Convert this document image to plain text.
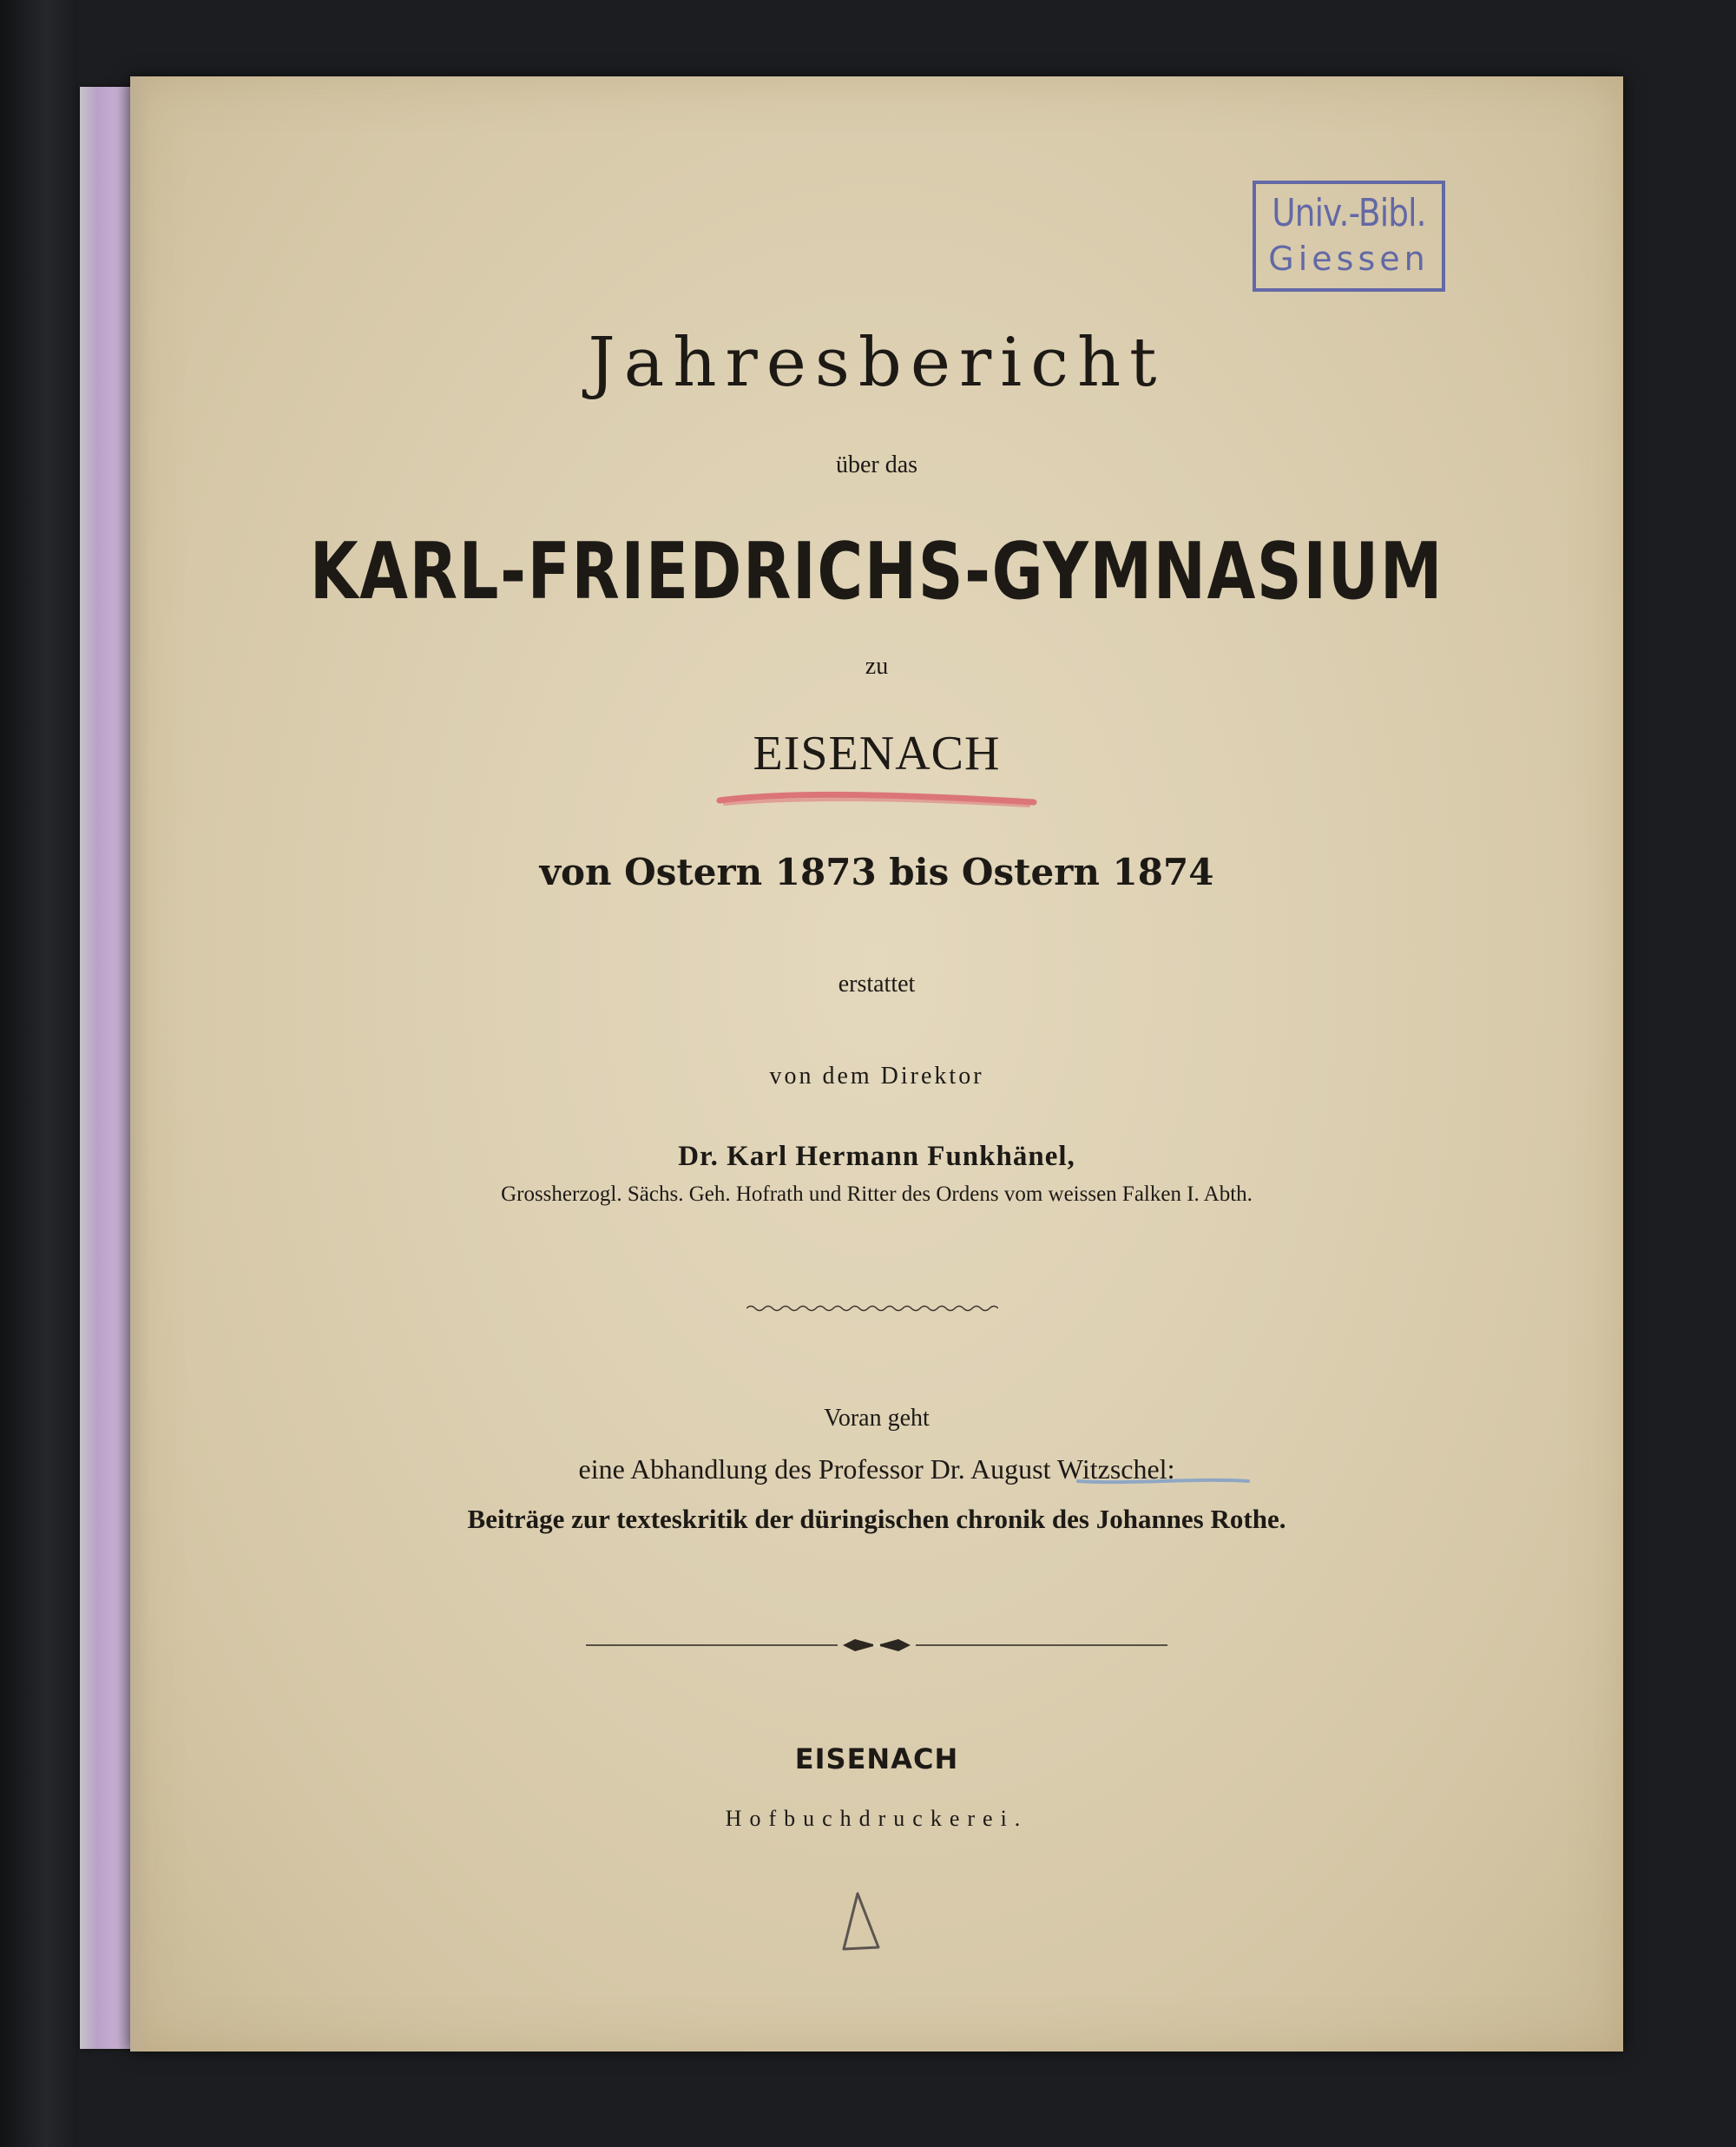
Univ.-Bibl.
Giessen
Jahresbericht
über das
KARL-FRIEDRICHS-GYMNASIUM
zu
EISENACH
von Ostern 1873 bis Ostern 1874
erstattet
von dem Direktor
Dr. Karl Hermann Funkhänel,
Grossherzogl. Sächs. Geh. Hofrath und Ritter des Ordens vom weissen Falken I. Abth.
Voran geht
eine Abhandlung des Professor Dr. August Witzschel:
Beiträge zur texteskritik der düringischen chronik des Johannes Rothe.
EISENACH
Hofbuchdruckerei.
